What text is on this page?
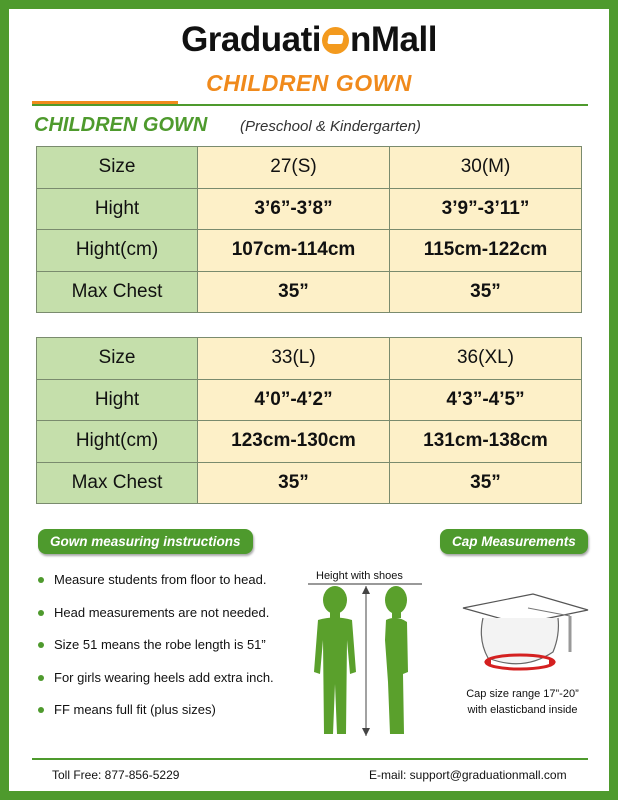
Graduati nMall
CHILDREN GOWN
CHILDREN GOWN (Preschool & Kindergarten)
Size	27(S)	30(M)
Hight	3’6”-3’8”	3’9”-3’11”
Hight(cm)	107cm-114cm	115cm-122cm
Max Chest	35”	35”
Size	33(L)	36(XL)
Hight	4’0”-4’2”	4’3”-4’5”
Hight(cm)	123cm-130cm	131cm-138cm
Max Chest	35”	35”
Gown measuring instructions	Cap Measurements
Measure students from floor to head.
Head measurements are not needed.
Size 51 means the robe length is 51”
For girls wearing heels add extra inch.
FF means full fit (plus sizes)
Height with shoes
Cap size range 17”-20”
with elasticband inside
Toll Free: 877-856-5229	E-mail: support@graduationmall.com
